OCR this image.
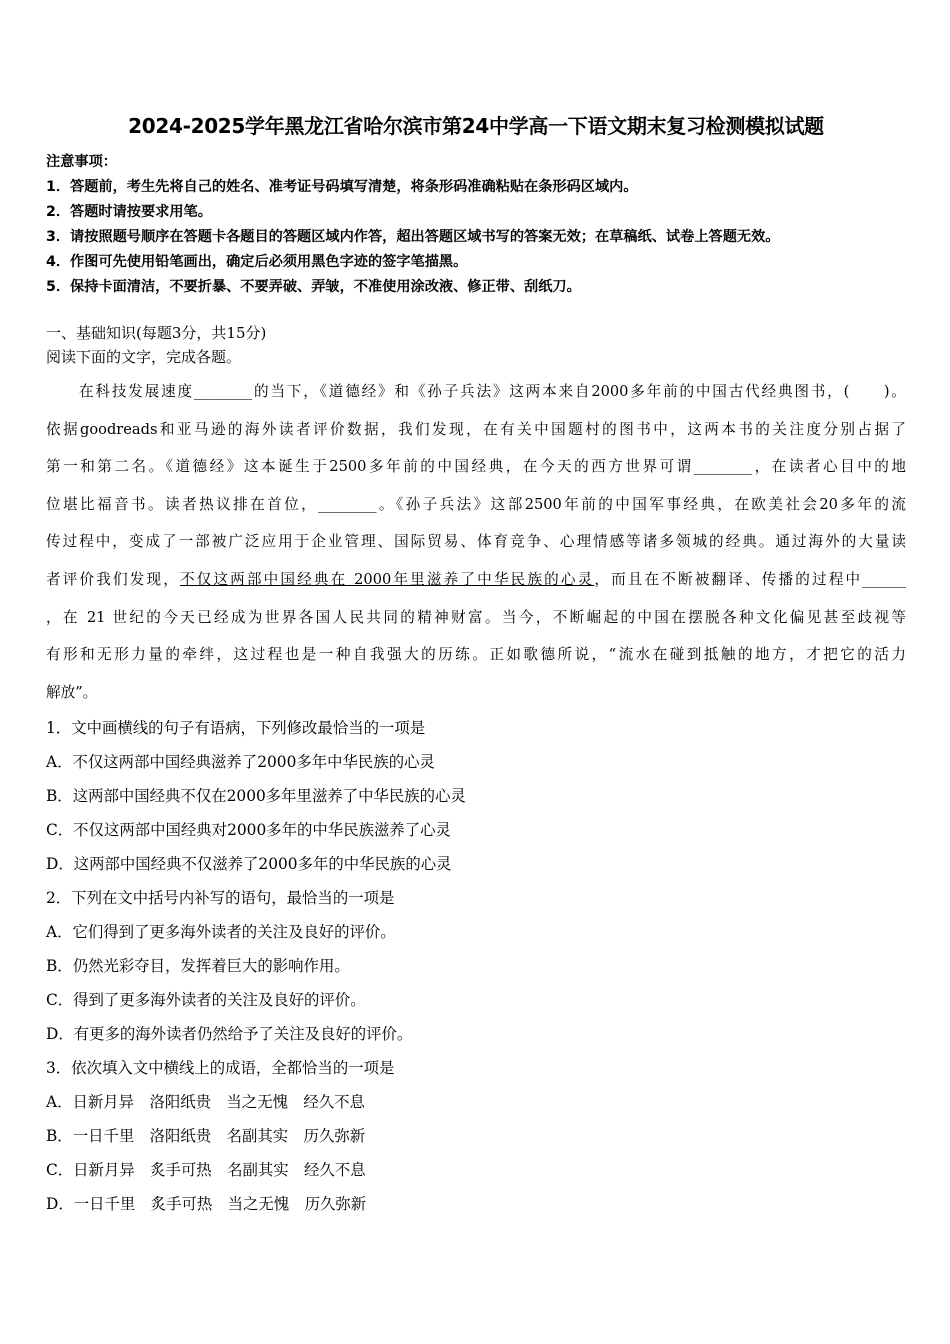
2024-2025学年黑龙江省哈尔滨市第24中学高一下语文期末复习检测模拟试题
注意事项：
1．答题前，考生先将自己的姓名、准考证号码填写清楚，将条形码准确粘贴在条形码区域内。
2．答题时请按要求用笔。
3．请按照题号顺序在答题卡各题目的答题区域内作答，超出答题区域书写的答案无效；在草稿纸、试卷上答题无效。
4．作图可先使用铅笔画出，确定后必须用黑色字迹的签字笔描黑。
5．保持卡面清洁，不要折暴、不要弄破、弄皱，不准使用涂改液、修正带、刮纸刀。
一、基础知识(每题3分，共15分)
阅读下面的文字，完成各题。
在科技发展速度________的当下，《道德经》和《孙子兵法》这两本来自2000多年前的中国古代经典图书，(　　)。
依据goodreads和亚马逊的海外读者评价数据，我们发现，在有关中国题村的图书中，这两本书的关注度分别占据了
第一和第二名。《道德经》这本诞生于2500多年前的中国经典，在今天的西方世界可谓________，在读者心目中的地
位堪比福音书。读者热议排在首位，________。《孙子兵法》这部2500年前的中国军事经典，在欧美社会20多年的流
传过程中，变成了一部被广泛应用于企业管理、国际贸易、体育竞争、心理情感等诸多领城的经典。通过海外的大量读
者评价我们发现，不仅这两部中国经典在 2000年里滋养了中华民族的心灵，而且在不断被翻译、传播的过程中______
，在 21 世纪的今天已经成为世界各国人民共同的精神财富。当今，不断崛起的中国在摆脱各种文化偏见甚至歧视等
有形和无形力量的牵绊，这过程也是一种自我强大的历练。正如歌德所说，“流水在碰到抵触的地方，才把它的活力
解放”。
1．文中画横线的句子有语病，下列修改最恰当的一项是
A．不仅这两部中国经典滋养了2000多年中华民族的心灵
B．这两部中国经典不仅在2000多年里滋养了中华民族的心灵
C．不仅这两部中国经典对2000多年的中华民族滋养了心灵
D．这两部中国经典不仅滋养了2000多年的中华民族的心灵
2．下列在文中括号内补写的语句，最恰当的一项是
A．它们得到了更多海外读者的关注及良好的评价。
B．仍然光彩夺目，发挥着巨大的影响作用。
C．得到了更多海外读者的关注及良好的评价。
D．有更多的海外读者仍然给予了关注及良好的评价。
3．依次填入文中横线上的成语，全都恰当的一项是
A．日新月异　洛阳纸贵　当之无愧　经久不息
B．一日千里　洛阳纸贵　名副其实　历久弥新
C．日新月异　炙手可热　名副其实　经久不息
D．一日千里　炙手可热　当之无愧　历久弥新
